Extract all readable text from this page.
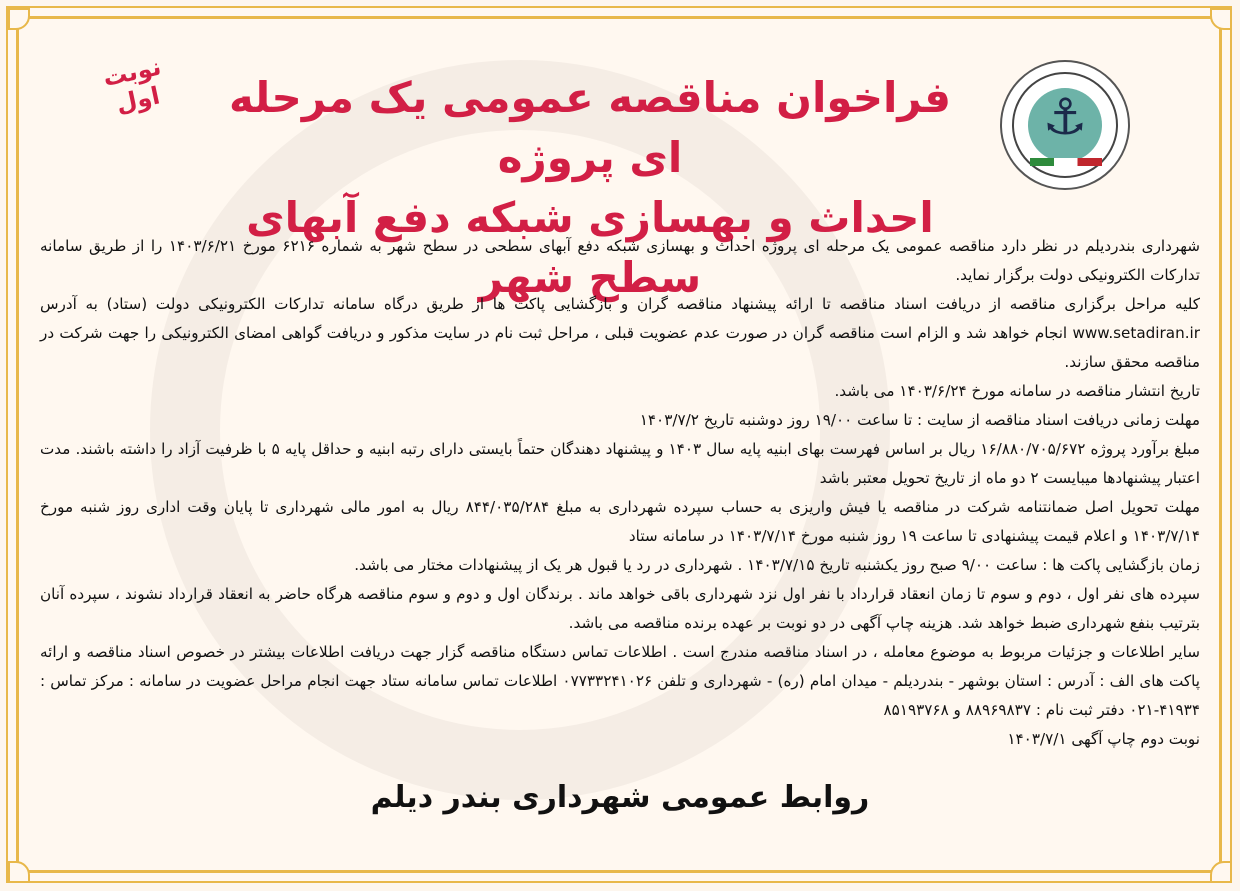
⚓
نوبت اول	فراخوان مناقصه عمومی یک مرحله ای پروژه
احداث و بهسازی شبکه دفع آبهای سطح شهر

شهرداری بندردیلم در نظر دارد مناقصه عمومی یک مرحله ای پروژه احداث و بهسازی شبکه دفع آبهای سطحی در سطح شهر به شماره ۶۲۱۶ مورخ ۱۴۰۳/۶/۲۱ را از طریق سامانه تدارکات الکترونیکی دولت برگزار نماید.

کلیه مراحل برگزاری مناقصه از دریافت اسناد مناقصه تا ارائه پیشنهاد مناقصه گران و بازگشایی پاکت ها از طریق درگاه سامانه تدارکات الکترونیکی دولت (ستاد) به آدرس www.setadiran.ir انجام خواهد شد و الزام است مناقصه گران در صورت عدم عضویت قبلی ، مراحل ثبت نام در سایت مذکور و دریافت گواهی امضای الکترونیکی را جهت شرکت در مناقصه محقق سازند.

تاریخ انتشار مناقصه در سامانه مورخ ۱۴۰۳/۶/۲۴ می باشد.

مهلت زمانی دریافت اسناد مناقصه از سایت : تا ساعت ۱۹/۰۰ روز دوشنبه تاریخ ۱۴۰۳/۷/۲

مبلغ برآورد پروژه ۱۶/۸۸۰/۷۰۵/۶۷۲ ریال بر اساس فهرست بهای ابنیه پایه سال ۱۴۰۳ و پیشنهاد دهندگان حتماً بایستی دارای رتبه ابنیه و حداقل پایه ۵ با ظرفیت آزاد را داشته باشند. مدت اعتبار پیشنهادها میبایست ۲ دو ماه از تاریخ تحویل معتبر باشد

مهلت تحویل اصل ضمانتنامه شرکت در مناقصه یا فیش واریزی به حساب سپرده شهرداری به مبلغ ۸۴۴/۰۳۵/۲۸۴ ریال به امور مالی شهرداری تا پایان وقت اداری روز شنبه مورخ ۱۴۰۳/۷/۱۴ و اعلام قیمت پیشنهادی تا ساعت ۱۹ روز شنبه مورخ ۱۴۰۳/۷/۱۴ در سامانه ستاد

زمان بازگشایی پاکت ها : ساعت ۹/۰۰ صبح روز یکشنبه تاریخ ۱۴۰۳/۷/۱۵ . شهرداری در رد یا قبول هر یک از پیشنهادات مختار می باشد.

سپرده های نفر اول ، دوم و سوم تا زمان انعقاد قرارداد با نفر اول نزد شهرداری باقی خواهد ماند . برندگان اول و دوم و سوم مناقصه هرگاه حاضر به انعقاد قرارداد نشوند ، سپرده آنان بترتیب بنفع شهرداری ضبط خواهد شد. هزینه چاپ آگهی در دو نوبت بر عهده برنده مناقصه می باشد.

سایر اطلاعات و جزئیات مربوط به موضوع معامله ، در اسناد مناقصه مندرج است . اطلاعات تماس دستگاه مناقصه گزار جهت دریافت اطلاعات بیشتر در خصوص اسناد مناقصه و ارائه پاکت های الف : آدرس : استان بوشهر - بندردیلم - میدان امام (ره) - شهرداری و تلفن ۰۷۷۳۳۲۴۱۰۲۶ اطلاعات تماس سامانه ستاد جهت انجام مراحل عضویت در سامانه : مرکز تماس : ۴۱۹۳۴-۰۲۱ دفتر ثبت نام : ۸۸۹۶۹۸۳۷ و ۸۵۱۹۳۷۶۸

نوبت دوم چاپ آگهی ۱۴۰۳/۷/۱

روابط عمومی شهرداری بندر دیلم
